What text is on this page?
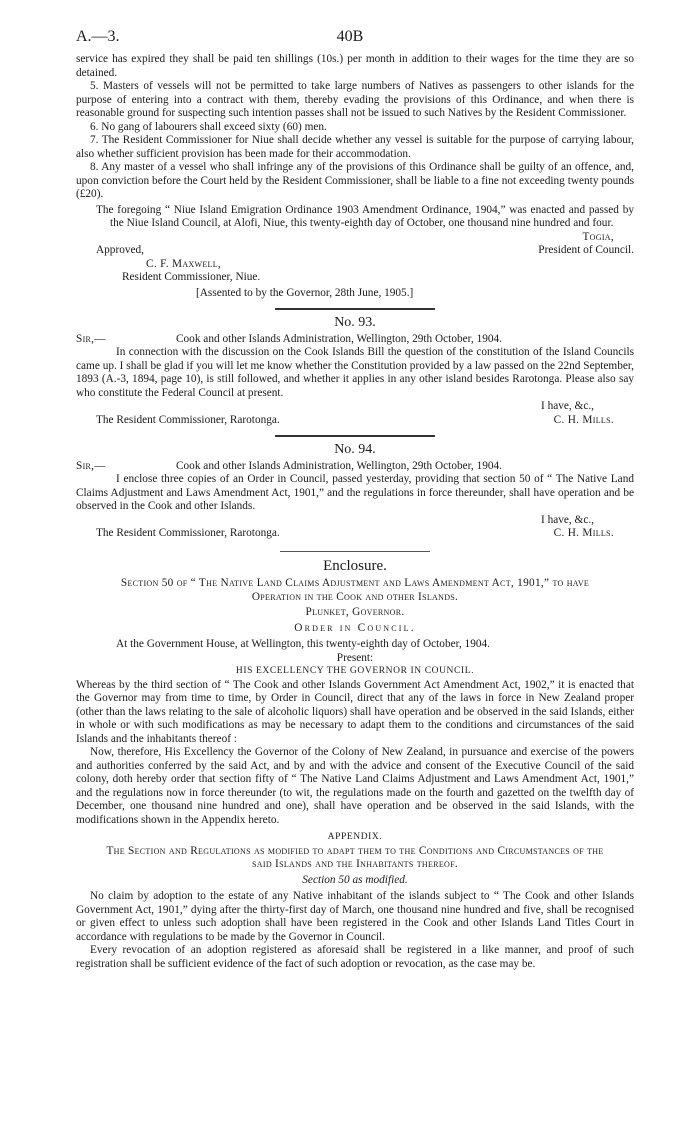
A.—3.	40B

service has expired they shall be paid ten shillings (10s.) per month in addition to their wages for the time they are so detained.

5. Masters of vessels will not be permitted to take large numbers of Natives as passengers to other islands for the purpose of entering into a contract with them, thereby evading the provisions of this Ordinance, and when there is reasonable ground for suspecting such intention passes shall not be issued to such Natives by the Resident Commissioner.

6. No gang of labourers shall exceed sixty (60) men.

7. The Resident Commissioner for Niue shall decide whether any vessel is suitable for the purpose of carrying labour, also whether sufficient provision has been made for their accommodation.

8. Any master of a vessel who shall infringe any of the provisions of this Ordinance shall be guilty of an offence, and, upon conviction before the Court held by the Resident Commissioner, shall be liable to a fine not exceeding twenty pounds (£20).

The foregoing “ Niue Island Emigration Ordinance 1903 Amendment Ordinance, 1904,” was enacted and passed by the Niue Island Council, at Alofi, Niue, this twenty-eighth day of October, one thousand nine hundred and four.

Togia,

Approved,	President of Council.

C. F. Maxwell,

Resident Commissioner, Niue.

[Assented to by the Governor, 28th June, 1905.]

No. 93.
Sir,—	Cook and other Islands Administration, Wellington, 29th October, 1904.

In connection with the discussion on the Cook Islands Bill the question of the constitution of the Island Councils came up. I shall be glad if you will let me know whether the Constitution provided by a law passed on the 22nd September, 1893 (A.-3, 1894, page 10), is still followed, and whether it applies in any other island besides Rarotonga. Please also say who constitute the Federal Council at present.

I have, &c.,

The Resident Commissioner, Rarotonga.	C. H. Mills.
No. 94.
Sir,—	Cook and other Islands Administration, Wellington, 29th October, 1904.

I enclose three copies of an Order in Council, passed yesterday, providing that section 50 of “ The Native Land Claims Adjustment and Laws Amendment Act, 1901,” and the regulations in force thereunder, shall have operation and be observed in the Cook and other Islands.

I have, &c.,

The Resident Commissioner, Rarotonga.	C. H. Mills.
Enclosure.

Section 50 of “ The Native Land Claims Adjustment and Laws Amendment Act, 1901,” to have Operation in the Cook and other Islands.

Plunket, Governor.

Order in Council.

At the Government House, at Wellington, this twenty-eighth day of October, 1904.

Present:

HIS EXCELLENCY THE GOVERNOR IN COUNCIL.

Whereas by the third section of “ The Cook and other Islands Government Act Amendment Act, 1902,” it is enacted that the Governor may from time to time, by Order in Council, direct that any of the laws in force in New Zealand proper (other than the laws relating to the sale of alcoholic liquors) shall have operation and be observed in the said Islands, either in whole or with such modifications as may be necessary to adapt them to the conditions and circumstances of the said Islands and the inhabitants thereof :

Now, therefore, His Excellency the Governor of the Colony of New Zealand, in pursuance and exercise of the powers and authorities conferred by the said Act, and by and with the advice and consent of the Executive Council of the said colony, doth hereby order that section fifty of “ The Native Land Claims Adjustment and Laws Amendment Act, 1901,” and the regulations now in force thereunder (to wit, the regulations made on the fourth and gazetted on the twelfth day of December, one thousand nine hundred and one), shall have operation and be observed in the said Islands, with the modifications shown in the Appendix hereto.

APPENDIX.

The Section and Regulations as modified to adapt them to the Conditions and Circumstances of the said Islands and the Inhabitants thereof.

Section 50 as modified.

No claim by adoption to the estate of any Native inhabitant of the islands subject to “ The Cook and other Islands Government Act, 1901,” dying after the thirty-first day of March, one thousand nine hundred and five, shall be recognised or given effect to unless such adoption shall have been registered in the Cook and other Islands Land Titles Court in accordance with regulations to be made by the Governor in Council.

Every revocation of an adoption registered as aforesaid shall be registered in a like manner, and proof of such registration shall be sufficient evidence of the fact of such adoption or revocation, as the case may be.
